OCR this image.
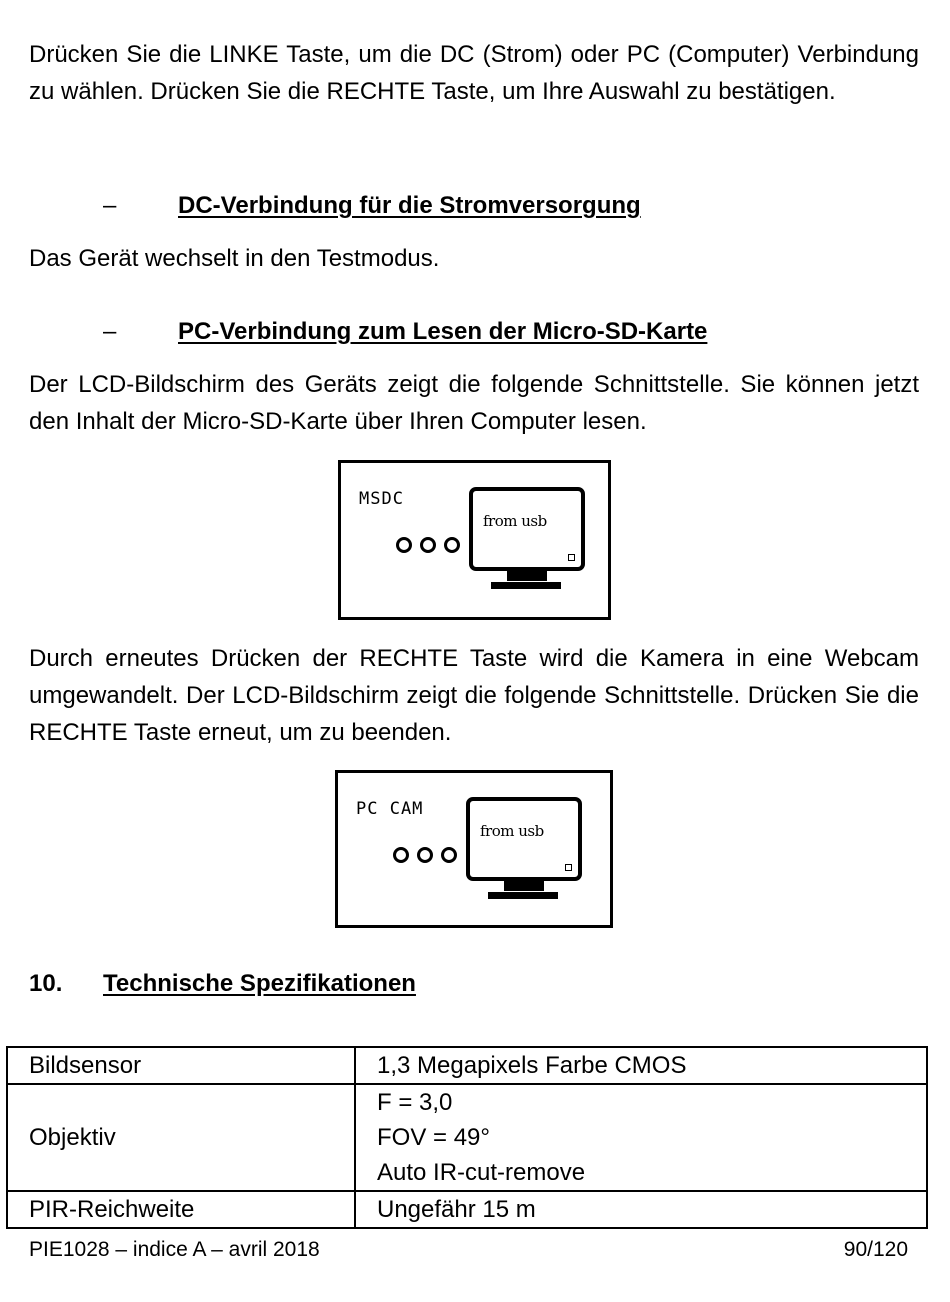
Drücken Sie die LINKE Taste, um die DC (Strom) oder PC (Computer) Verbindung zu wählen. Drücken Sie die RECHTE Taste, um Ihre Auswahl zu bestätigen.
–	DC-Verbindung für die Stromversorgung
Das Gerät wechselt in den Testmodus.
–	PC-Verbindung zum Lesen der Micro-SD-Karte
Der LCD-Bildschirm des Geräts zeigt die folgende Schnittstelle. Sie können jetzt den Inhalt der Micro-SD-Karte über Ihren Computer lesen.
MSDC
from usb
Durch erneutes Drücken der RECHTE Taste wird die Kamera in eine Webcam umgewandelt. Der LCD-Bildschirm zeigt die folgende Schnittstelle. Drücken Sie die RECHTE Taste erneut, um zu beenden.
PC CAM
from usb
10. Technische Spezifikationen
Bildsensor	1,3 Megapixels Farbe CMOS

Objektiv	F = 3,0
FOV = 49°
Auto IR-cut-remove

PIR-Reichweite	Ungefähr 15 m
PIE1028 – indice A – avril 2018	90/120
